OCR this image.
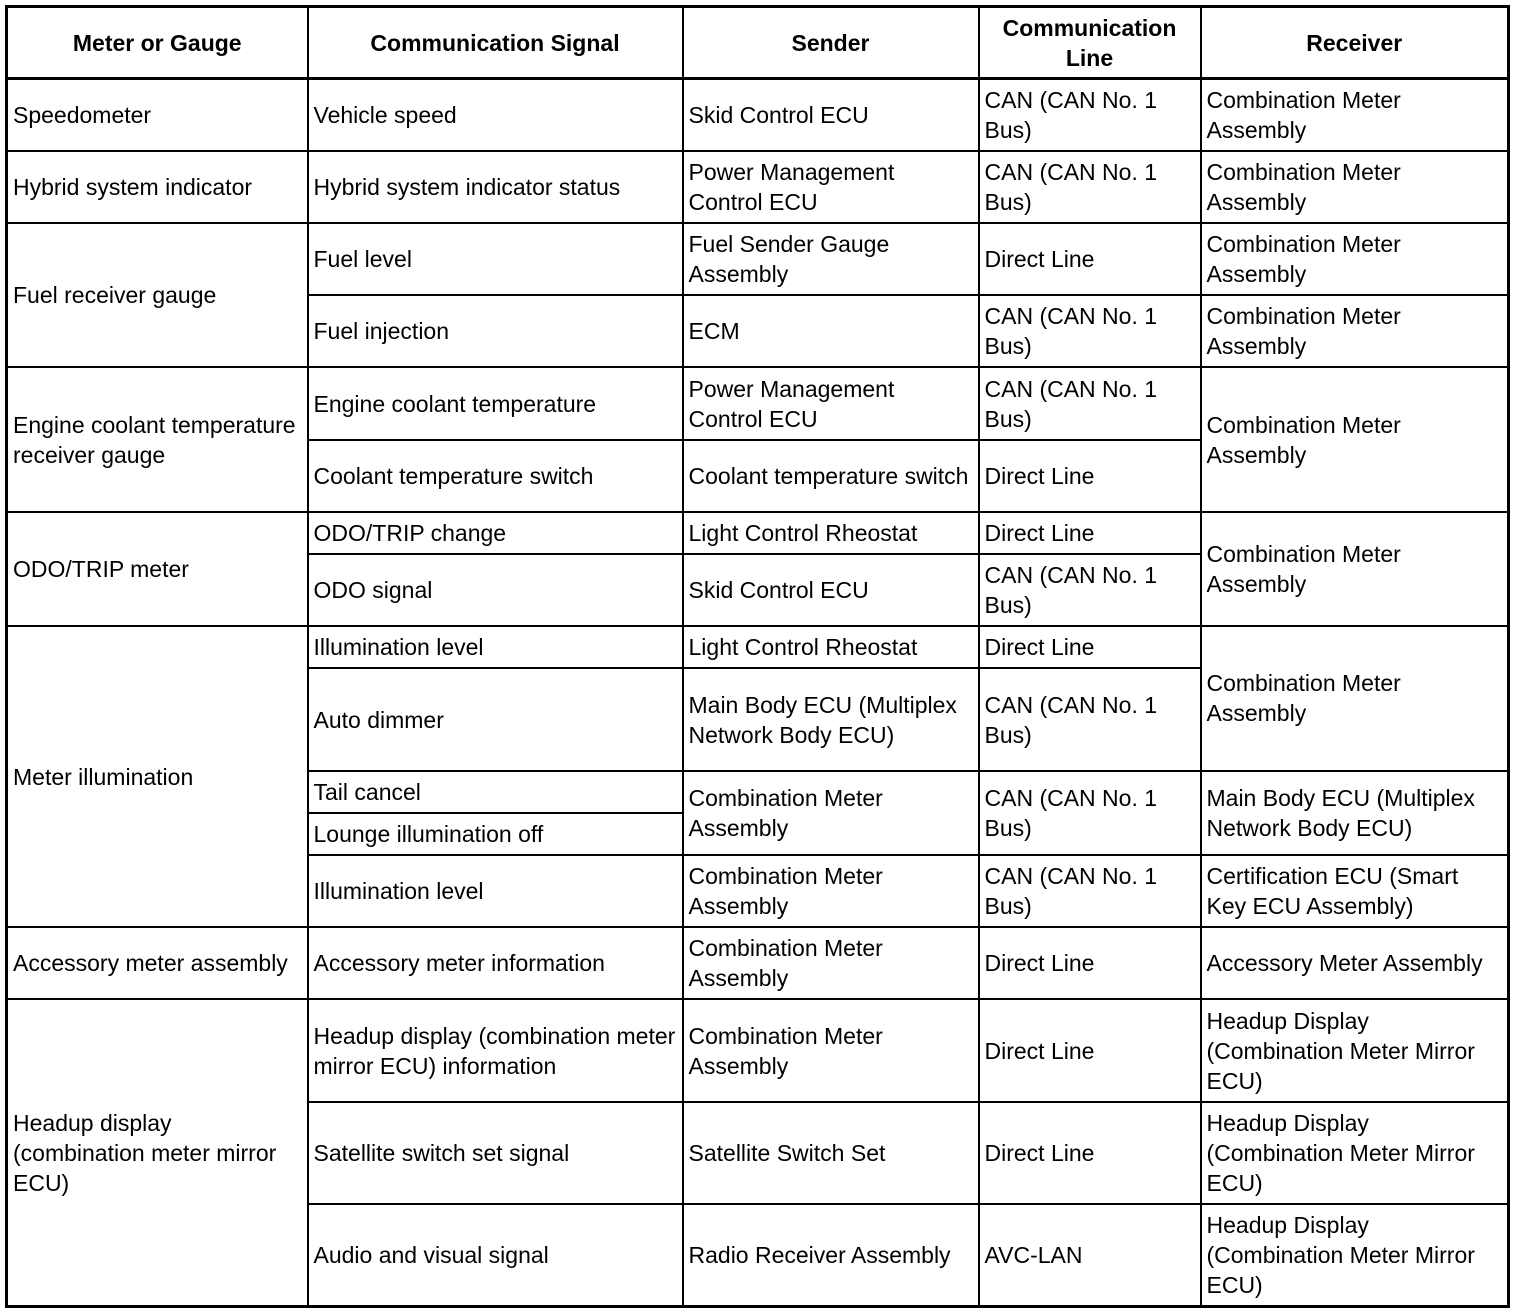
Meter or Gauge	Communication Signal	Sender	Communication Line	Receiver
Speedometer	Vehicle speed	Skid Control ECU	CAN (CAN No. 1 Bus)	Combination Meter Assembly
Hybrid system indicator	Hybrid system indicator status	Power Management Control ECU	CAN (CAN No. 1 Bus)	Combination Meter Assembly
Fuel receiver gauge	Fuel level	Fuel Sender Gauge Assembly	Direct Line	Combination Meter Assembly
	Fuel injection	ECM	CAN (CAN No. 1 Bus)	Combination Meter Assembly
Engine coolant temperature receiver gauge	Engine coolant temperature	Power Management Control ECU	CAN (CAN No. 1 Bus)	Combination Meter Assembly
	Coolant temperature switch	Coolant temperature switch	Direct Line	
ODO/TRIP meter	ODO/TRIP change	Light Control Rheostat	Direct Line	Combination Meter Assembly
	ODO signal	Skid Control ECU	CAN (CAN No. 1 Bus)	
Meter illumination	Illumination level	Light Control Rheostat	Direct Line	Combination Meter Assembly
	Auto dimmer	Main Body ECU (Multiplex Network Body ECU)	CAN (CAN No. 1 Bus)	
	Tail cancel	Combination Meter Assembly	CAN (CAN No. 1 Bus)	Main Body ECU (Multiplex Network Body ECU)
	Lounge illumination off			
	Illumination level	Combination Meter Assembly	CAN (CAN No. 1 Bus)	Certification ECU (Smart Key ECU Assembly)
Accessory meter assembly	Accessory meter information	Combination Meter Assembly	Direct Line	Accessory Meter Assembly
Headup display (combination meter mirror ECU)	Headup display (combination meter mirror ECU) information	Combination Meter Assembly	Direct Line	Headup Display (Combination Meter Mirror ECU)
	Satellite switch set signal	Satellite Switch Set	Direct Line	Headup Display (Combination Meter Mirror ECU)
	Audio and visual signal	Radio Receiver Assembly	AVC-LAN	Headup Display (Combination Meter Mirror ECU)
